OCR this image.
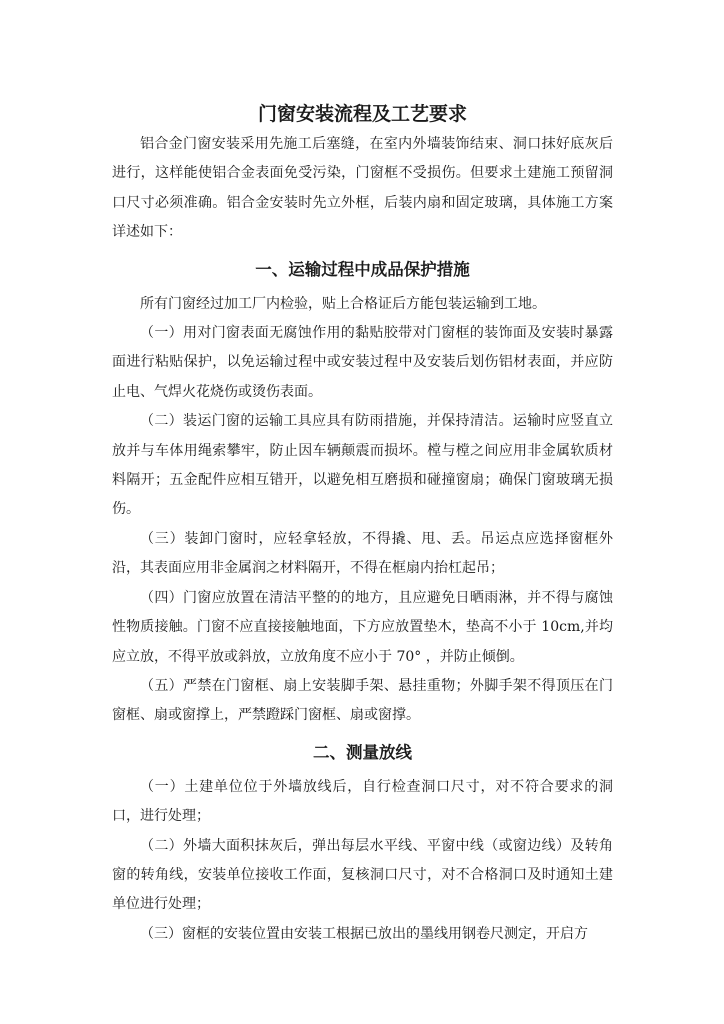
门窗安装流程及工艺要求

铝合金门窗安装采用先施工后塞缝，在室内外墙装饰结束、洞口抹好底灰后进行，这样能使铝合金表面免受污染，门窗框不受损伤。但要求土建施工预留洞口尺寸必须准确。铝合金安装时先立外框，后装内扇和固定玻璃，具体施工方案详述如下：

一、运输过程中成品保护措施

所有门窗经过加工厂内检验，贴上合格证后方能包装运输到工地。

（一）用对门窗表面无腐蚀作用的黏贴胶带对门窗框的装饰面及安装时暴露面进行粘贴保护，以免运输过程中或安装过程中及安装后划伤铝材表面，并应防止电、气焊火花烧伤或烫伤表面。

（二）装运门窗的运输工具应具有防雨措施，并保持清洁。运输时应竖直立放并与车体用绳索攀牢，防止因车辆颠震而损坏。樘与樘之间应用非金属软质材料隔开；五金配件应相互错开，以避免相互磨损和碰撞窗扇；确保门窗玻璃无损伤。

（三）装卸门窗时，应轻拿轻放，不得撬、甩、丢。吊运点应选择窗框外沿，其表面应用非金属润之材料隔开，不得在框扇内抬杠起吊；

（四）门窗应放置在清洁平整的的地方，且应避免日晒雨淋，并不得与腐蚀性物质接触。门窗不应直接接触地面，下方应放置垫木，垫高不小于 10cm,并均应立放，不得平放或斜放，立放角度不应小于 70° ，并防止倾倒。

（五）严禁在门窗框、扇上安装脚手架、悬挂重物；外脚手架不得顶压在门窗框、扇或窗撑上，严禁蹬踩门窗框、扇或窗撑。

二、测量放线

（一）土建单位位于外墙放线后，自行检查洞口尺寸，对不符合要求的洞口，进行处理；

（二）外墙大面积抹灰后，弹出每层水平线、平窗中线（或窗边线）及转角窗的转角线，安装单位接收工作面，复核洞口尺寸，对不合格洞口及时通知土建单位进行处理；

（三）窗框的安装位置由安装工根据已放出的墨线用钢卷尺测定，开启方
